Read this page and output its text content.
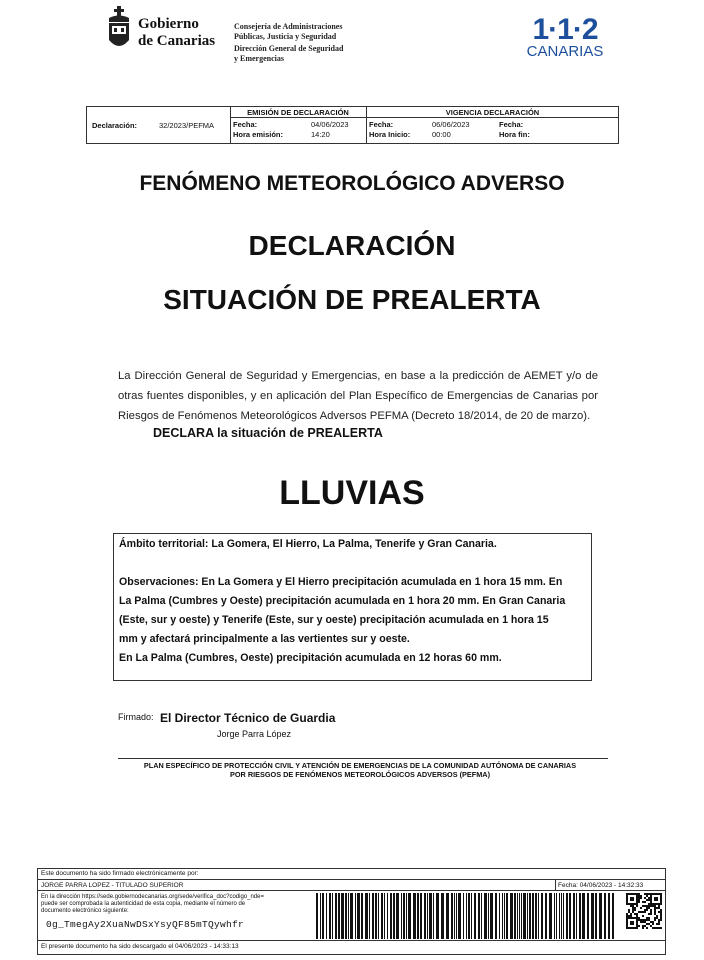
Gobierno
de Canarias
Consejería de Administraciones
Públicas, Justicia y Seguridad
Dirección General de Seguridad
y Emergencias
1·1·2
CANARIAS
Declaración:	32/2023/PEFMA
EMISIÓN DE DECLARACIÓN	VIGENCIA DECLARACIÓN
Fecha:	04/06/2023
Hora emisión:	14:20
Fecha:	06/06/2023
Hora Inicio:	00:00
Fecha:
Hora fin:
FENÓMENO METEOROLÓGICO ADVERSO
DECLARACIÓN
SITUACIÓN DE PREALERTA
La Dirección General de Seguridad y Emergencias, en base a la predicción de AEMET y/o de otras fuentes disponibles, y en aplicación del Plan Específico de Emergencias de Canarias por Riesgos de Fenómenos Meteorológicos Adversos PEFMA (Decreto 18/2014, de 20 de marzo).
DECLARA la situación de PREALERTA
LLUVIAS

Ámbito territorial: La Gomera, El Hierro, La Palma, Tenerife y Gran Canaria.

Observaciones: En La Gomera y El Hierro precipitación acumulada en 1 hora 15 mm. En

La Palma (Cumbres y Oeste) precipitación acumulada en 1 hora 20 mm. En Gran Canaria

(Este, sur y oeste) y Tenerife (Este, sur y oeste) precipitación acumulada en 1 hora 15

mm y afectará principalmente a las vertientes sur y oeste.

En La Palma (Cumbres, Oeste) precipitación acumulada en 12 horas 60 mm.

Firmado: El Director Técnico de Guardia
Jorge Parra López
PLAN ESPECÍFICO DE PROTECCIÓN CIVIL Y ATENCIÓN DE EMERGENCIAS DE LA COMUNIDAD AUTÓNOMA DE CANARIAS
POR RIESGOS DE FENÓMENOS METEOROLÓGICOS ADVERSOS (PEFMA)
Este documento ha sido firmado electrónicamente por:
JORGE PARRA LOPEZ - TITULADO SUPERIOR	Fecha: 04/06/2023 - 14:32:33
En la dirección https://sede.gobiernodecanarias.org/sede/verifica_doc?codigo_nde=
puede ser comprobada la autenticidad de esta copia, mediante el número de
documento electrónico siguiente:
0g_TmegAy2XuaNwDSxYsyQF85mTQywhfr
El presente documento ha sido descargado el 04/06/2023 - 14:33:13
